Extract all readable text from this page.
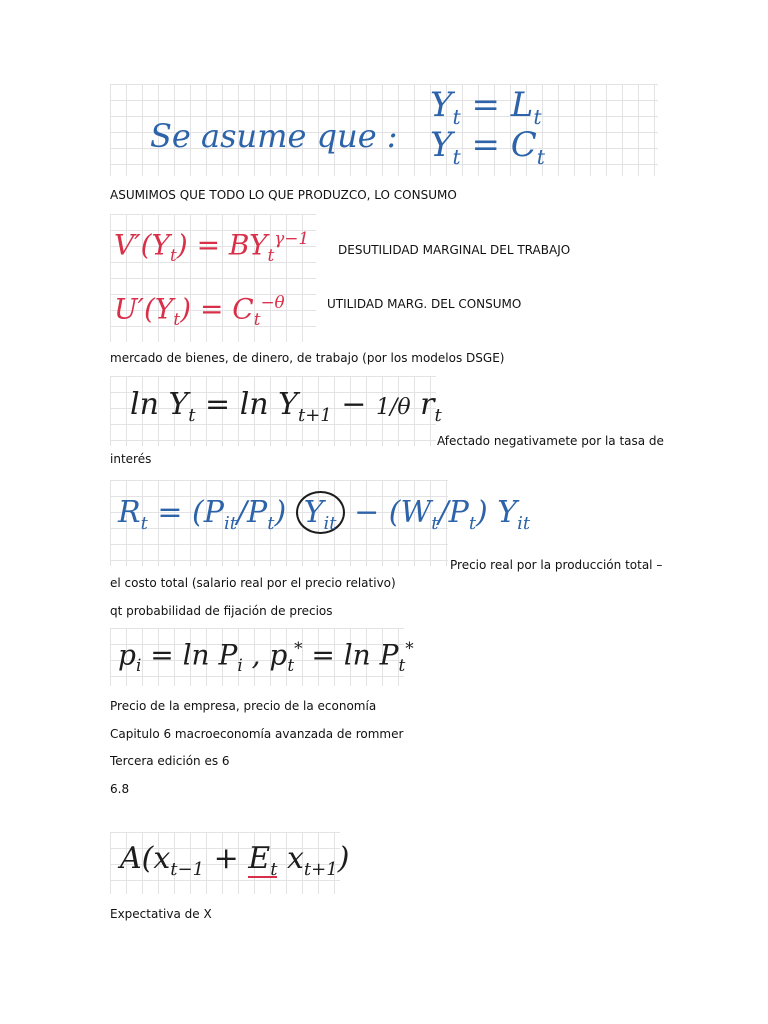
Se asume que :
$Y_t = L_t$
$Y_t = C_t$
ASUMIMOS QUE TODO LO QUE PRODUZCO, LO CONSUMO
$V'(Y_t) = BY_t^{\gamma-1}$
$U'(Y_t) = C_t^{-\theta}$
DESUTILIDAD MARGINAL DEL TRABAJO
UTILIDAD MARG. DEL CONSUMO
mercado de bienes, de dinero, de trabajo (por los modelos DSGE)
$\ln Y_t = \ln Y_{t+1} - 1/\theta$ $r_t$
Afectado negativamete por la tasa de
interés
$R_t = (P_{it}/P_t) Y_{it} - (W_t/P_t)$ $Y_{it}$
Precio real por la producción total –
el costo total (salario real por el precio relativo)
qt probabilidad de fijación de precios
$p_i = \ln P_i$ , $p_t^* = \ln P_t^*$
Precio de la empresa, precio de la economía
Capitulo 6 macroeconomía avanzada de rommer
Tercera edición es 6
6.8
$A(x_{t-1} + E_t$ $x_{t+1}$)
Expectativa de X
